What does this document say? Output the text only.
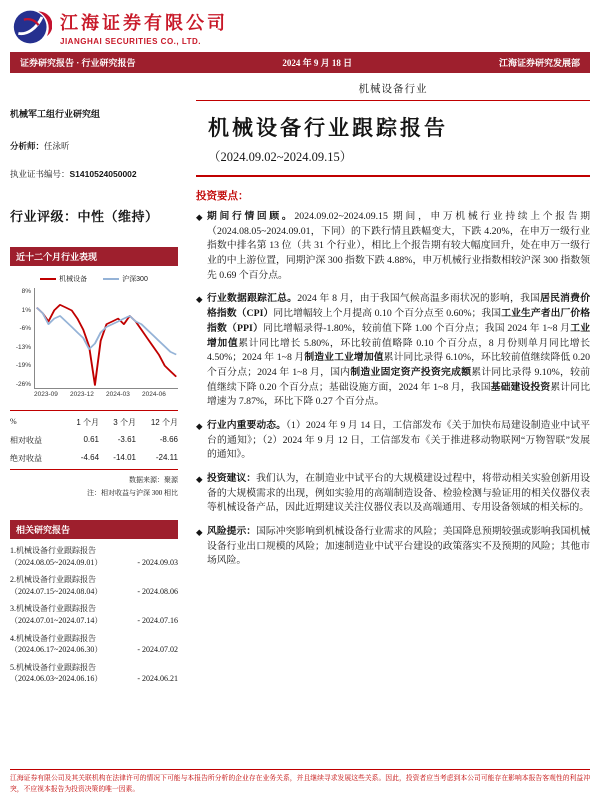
江海证券有限公司
JIANGHAI SECURITIES CO., LTD.
证券研究报告 · 行业研究报告	2024 年 9 月 18 日	江海证券研究发展部
机械军工组行业研究组
分析师：任泳昕
执业证书编号：S1410524050002
行业评级：中性（维持）
近十二个月行业表现
机械设备	沪深300
8%
1%
-6%
-13%
-19%
-26%
2023-09	2023-12	2024-03	2024-06
%	1 个月	3 个月	12 个月
相对收益	0.61	-3.61	-8.66
绝对收益	-4.64	-14.01	-24.11
数据来源：聚源
注：相对收益与沪深 300 相比
相关研究报告
1.机械设备行业跟踪报告
（2024.08.05~2024.09.01）	- 2024.09.03
2.机械设备行业跟踪报告
（2024.07.15~2024.08.04）	- 2024.08.06
3.机械设备行业跟踪报告
（2024.07.01~2024.07.14）	- 2024.07.16
4.机械设备行业跟踪报告
（2024.06.17~2024.06.30）	- 2024.07.02
5.机械设备行业跟踪报告
（2024.06.03~2024.06.16）	- 2024.06.21
机械设备行业
机械设备行业跟踪报告
（2024.09.02~2024.09.15）
投资要点：
◆ 期间行情回顾。2024.09.02~2024.09.15 期间，申万机械行业持续上个报告期（2024.08.05~2024.09.01，下同）的下跌行情且跌幅变大，下跌 4.20%，在申万一级行业指数中排名第 13 位（共 31 个行业），相比上个报告期有较大幅度回升，处在申万一级行业的中上游位置，同期沪深 300 指数下跌 4.88%，申万机械行业指数相较沪深 300 指数领先 0.69 个百分点。
◆ 行业数据跟踪汇总。2024 年 8 月，由于我国气候高温多雨状况的影响，我国居民消费价格指数（CPI）同比增幅较上个月提高 0.10 个百分点至 0.60%；我国工业生产者出厂价格指数（PPI）同比增幅录得-1.80%，较前值下降 1.00 个百分点；我国 2024 年 1~8 月工业增加值累计同比增长 5.80%，环比较前值略降 0.10 个百分点，8 月份则单月同比增长 4.50%；2024 年 1~8 月制造业工业增加值累计同比录得 6.10%，环比较前值继续降低 0.20 个百分点；2024 年 1~8 月，国内制造业固定资产投资完成额累计同比录得 9.10%，较前值继续下降 0.20 个百分点；基础设施方面，2024 年 1~8 月，我国基础建设投资累计同比增速为 7.87%，环比下降 0.27 个百分点。
◆ 行业内重要动态。（1）2024 年 9 月 14 日，工信部发布《关于加快布局建设制造业中试平台的通知》；（2）2024 年 9 月 12 日，工信部发布《关于推进移动物联网“万物智联”发展的通知》。
◆ 投资建议：我们认为，在制造业中试平台的大规模建设过程中，将带动相关实验创新用设备的大规模需求的出现，例如实验用的高端制造设备、检验检测与验证用的相关仪器仪表等机械设备产品，因此近期建议关注仪器仪表以及高端通用、专用设备领域的相关标的。
◆ 风险提示：国际冲突影响到机械设备行业需求的风险；美国降息预期较强或影响我国机械设备行业出口规模的风险；加速制造业中试平台建设的政策落实不及预期的风险；其他市场风险。
江海证券有限公司及其关联机构在法律许可的情况下可能与本报告所分析的企业存在业务关系，并且继续寻求发展这些关系。因此，投资者应当考虑到本公司可能存在影响本报告客观性的利益冲突，不应视本报告为投资决策的唯一因素。
